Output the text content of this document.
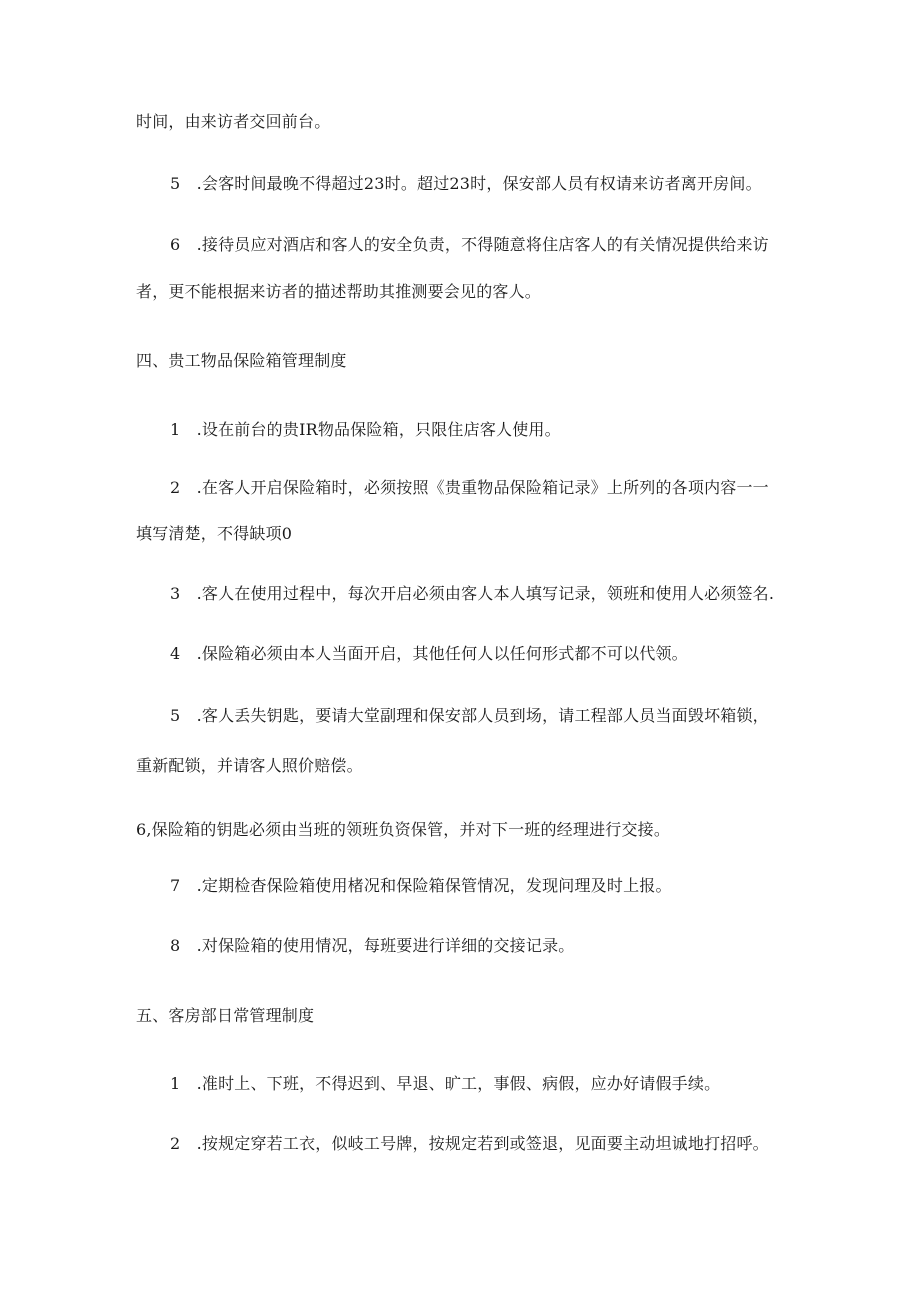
时间，由来访者交回前台。
5　.会客时间最晚不得超过23时。超过23时，保安部人员有权请来访者离开房间。
6　.接待员应对酒店和客人的安全负责，不得随意将住店客人的有关情况提供给来访
者，更不能根据来访者的描述帮助其推测要会见的客人。
四、贵工物品保险箱管理制度
1　.设在前台的贵IR物品保险箱，只限住店客人使用。
2　.在客人开启保险箱时，必须按照《贵重物品保险箱记录》上所列的各项内容一一
填写清楚，不得缺项0
3　.客人在使用过程中，每次开启必须由客人本人填写记录，领班和使用人必须签名.
4　.保险箱必须由本人当面开启，其他任何人以任何形式都不可以代领。
5　.客人丢失钥匙，要请大堂副理和保安部人员到场，请工程部人员当面毁坏箱锁，
重新配锁，并请客人照价赔偿。
6,保险箱的钥匙必须由当班的领班负资保管，并对下一班的经理进行交接。
7　.定期检杳保险箱使用楮况和保险箱保管情况，发现问理及时上报。
8　.对保险箱的使用情况，每班要进行详细的交接记录。
五、客房部日常管理制度
1　.准时上、下班，不得迟到、早退、旷工，事假、病假，应办好请假手续。
2　.按规定穿若工衣，似岐工号牌，按规定若到或签退，见面要主动坦诚地打招呼。
